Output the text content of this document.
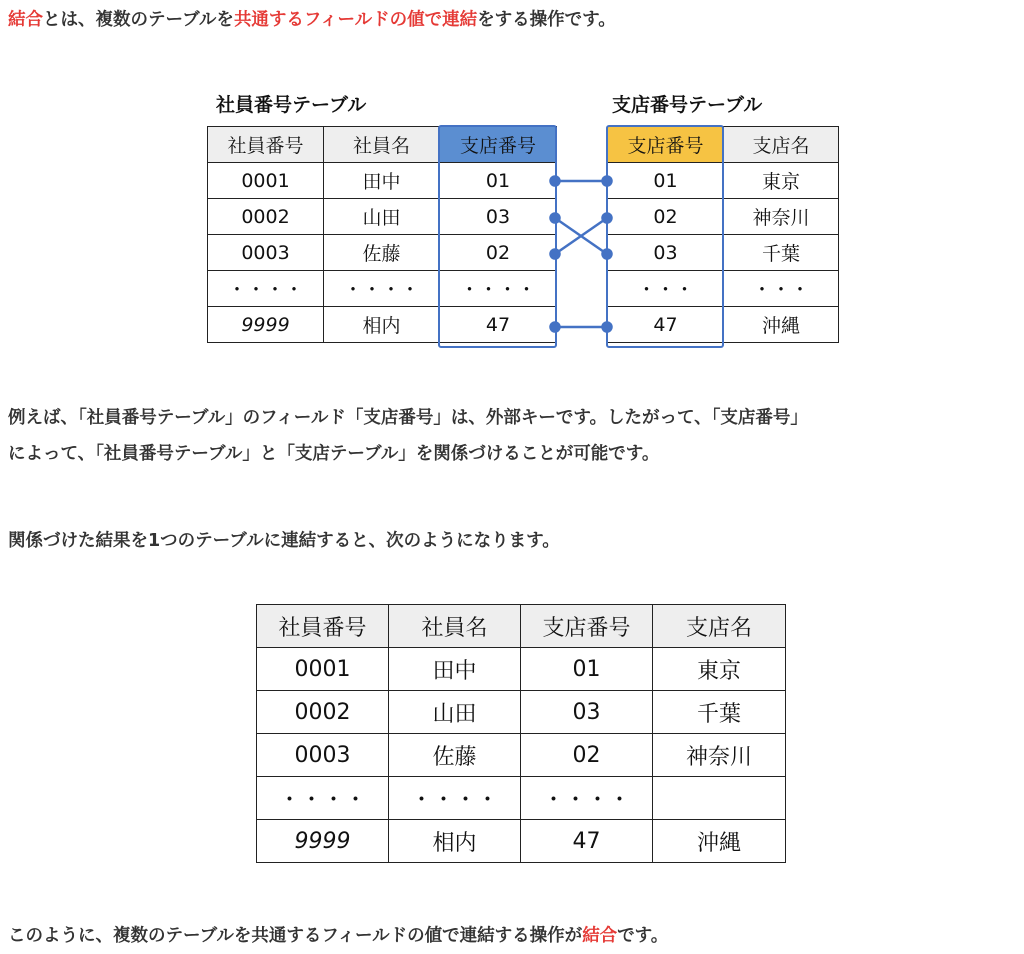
結合とは、複数のテーブルを共通するフィールドの値で連結をする操作です。

社員番号テーブル	支店番号テーブル
社員番号	社員名	支店番号
0001	田中	01
0002	山田	03
0003	佐藤	02
・・・・	・・・・	・・・・
9999	相内	47
支店番号	支店名
01	東京
02	神奈川
03	千葉
・・・	・・・
47	沖縄

例えば、「社員番号テーブル」のフィールド「支店番号」は、外部キーです。したがって、「支店番号」
によって、「社員番号テーブル」と「支店テーブル」を関係づけることが可能です。

関係づけた結果を1つのテーブルに連結すると、次のようになります。

社員番号	社員名	支店番号	支店名
0001	田中	01	東京
0002	山田	03	千葉
0003	佐藤	02	神奈川
・・・・	・・・・	・・・・	
9999	相内	47	沖縄

このように、複数のテーブルを共通するフィールドの値で連結する操作が結合です。
